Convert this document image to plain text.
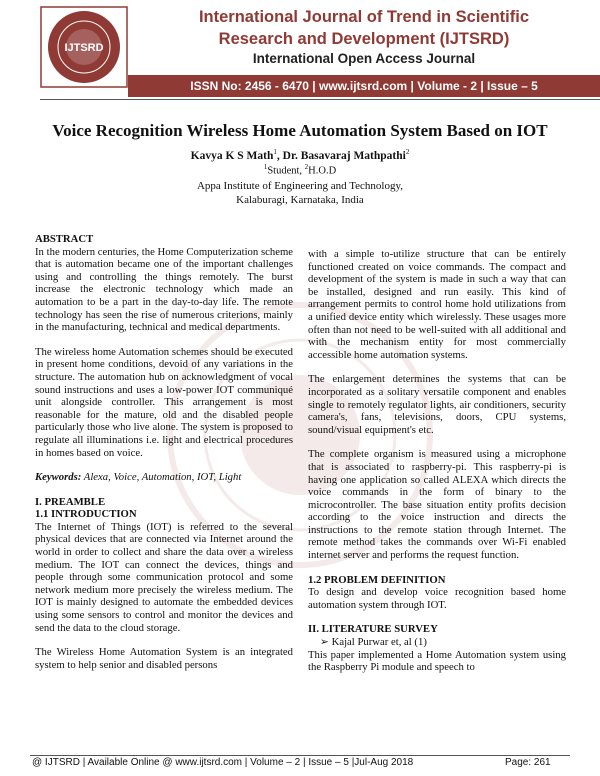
IJTSRD
International Journal of Trend in Scientific
Research and Development (IJTSRD)
International Open Access Journal
ISSN No: 2456 - 6470 | www.ijtsrd.com | Volume - 2 | Issue – 5
Voice Recognition Wireless Home Automation System Based on IOT
Kavya K S Math$^1$, Dr. Basavaraj Mathpathi$^2$
$^1$Student, $^2$H.O.D
Appa Institute of Engineering and Technology,
Kalaburagi, Karnataka, India
ABSTRACT

In the modern centuries, the Home Computerization scheme that is automation became one of the important challenges using and controlling the things remotely. The burst increase the electronic technology which made an automation to be a part in the day-to-day life. The remote technology has seen the rise of numerous criterions, mainly in the manufacturing, technical and medical departments.

The wireless home Automation schemes should be executed in present home conditions, devoid of any variations in the structure. The automation hub on acknowledgment of vocal sound instructions and uses a low-power IOT communiqué unit alongside controller. This arrangement is most reasonable for the mature, old and the disabled people particularly those who live alone. The system is proposed to regulate all illuminations i.e. light and electrical procedures in homes based on voice.

Keywords: Alexa, Voice, Automation, IOT, Light

I. PREAMBLE
1.1 INTRODUCTION

The Internet of Things (IOT) is referred to the several physical devices that are connected via Internet around the world in order to collect and share the data over a wireless medium. The IOT can connect the devices, things and people through some communication protocol and some network medium more precisely the wireless medium. The IOT is mainly designed to automate the embedded devices using some sensors to control and monitor the devices and send the data to the cloud storage.

The Wireless Home Automation System is an integrated system to help senior and disabled persons

with a simple to-utilize structure that can be entirely functioned created on voice commands. The compact and development of the system is made in such a way that can be installed, designed and run easily. This kind of arrangement permits to control home hold utilizations from a unified device entity which wirelessly. These usages more often than not need to be well-suited with all additional and with the mechanism entity for most commercially accessible home automation systems.

The enlargement determines the systems that can be incorporated as a solitary versatile component and enables single to remotely regulator lights, air conditioners, security camera's, fans, televisions, doors, CPU systems, sound/visual equipment's etc.

The complete organism is measured using a microphone that is associated to raspberry-pi. This raspberry-pi is having one application so called ALEXA which directs the voice commands in the form of binary to the microcontroller. The base situation entity profits decision according to the voice instruction and directs the instructions to the remote station through Internet. The remote method takes the commands over Wi-Fi enabled internet server and performs the request function.

1.2 PROBLEM DEFINITION

To design and develop voice recognition based home automation system through IOT.

II. LITERATURE SURVEY

➢ Kajal Purwar et, al (1)

This paper implemented a Home Automation system using the Raspberry Pi module and speech to

@ IJTSRD | Available Online @ www.ijtsrd.com | Volume – 2 | Issue – 5 |Jul-Aug 2018	Page: 261
